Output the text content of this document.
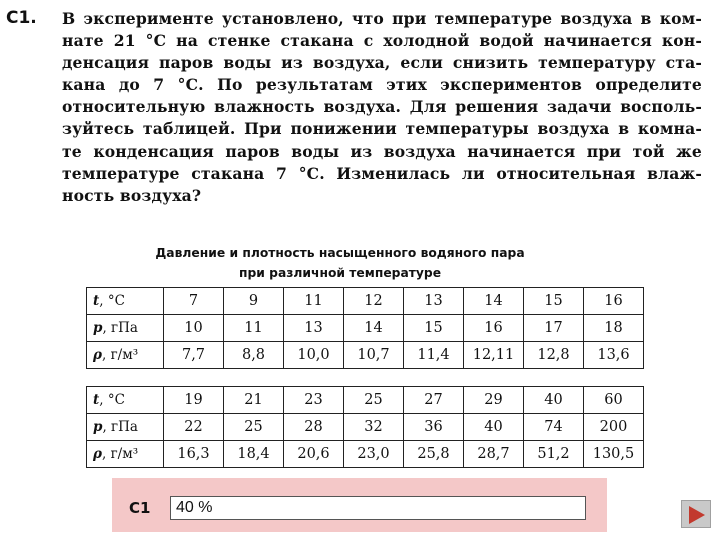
С1. В эксперименте установлено, что при температуре воздуха в ком-
нате 21 °С на стенке стакана с холодной водой начинается кон-
денсация паров воды из воздуха, если снизить температуру ста-
кана до 7 °С. По результатам этих экспериментов определите
относительную влажность воздуха. Для решения задачи восполь-
зуйтесь таблицей. При понижении температуры воздуха в комна-
те конденсация паров воды из воздуха начинается при той же
температуре стакана 7 °С. Изменилась ли относительная влаж-
ность воздуха?
Давление и плотность насыщенного водяного пара
при различной температуре
t, °С	7	9	11	12	13	14	15	16
p, гПа	10	11	13	14	15	16	17	18
ρ, г/м³	7,7	8,8	10,0	10,7	11,4	12,11	12,8	13,6
t, °С	19	21	23	25	27	29	40	60
p, гПа	22	25	28	32	36	40	74	200
ρ, г/м³	16,3	18,4	20,6	23,0	25,8	28,7	51,2	130,5
С1	40 %
